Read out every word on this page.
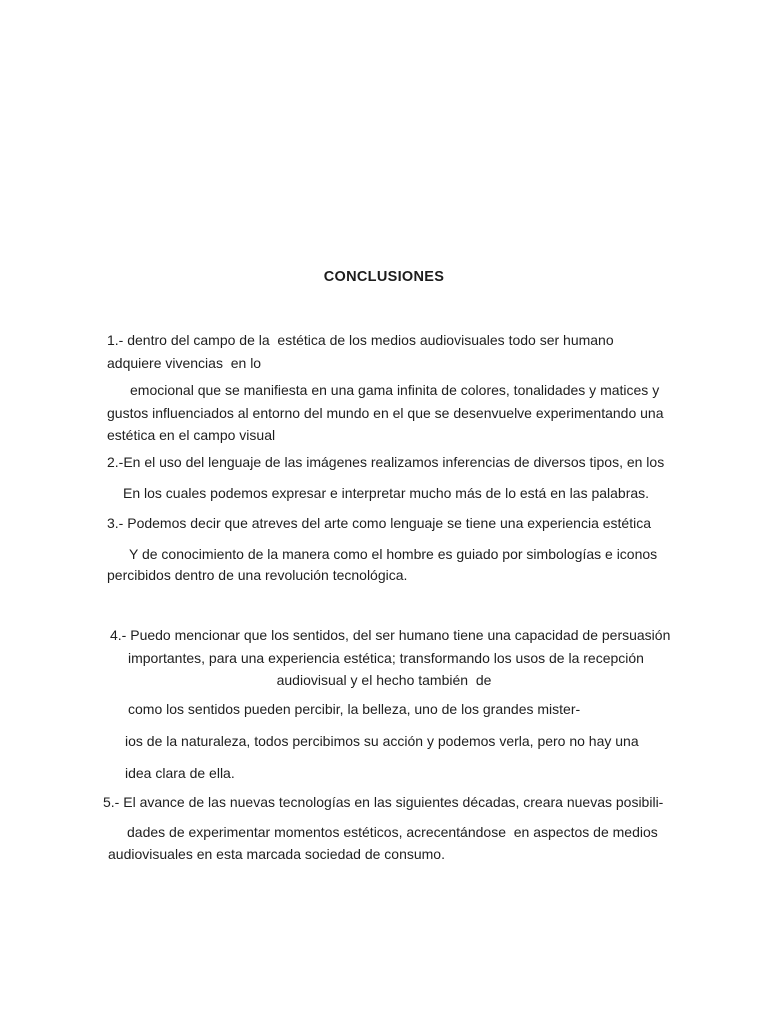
CONCLUSIONES
1.- dentro del campo de la  estética de los medios audiovisuales todo ser humano
adquiere vivencias  en lo
emocional que se manifiesta en una gama infinita de colores, tonalidades y matices y
gustos influenciados al entorno del mundo en el que se desenvuelve experimentando una
estética en el campo visual
2.-En el uso del lenguaje de las imágenes realizamos inferencias de diversos tipos, en los
En los cuales podemos expresar e interpretar mucho más de lo está en las palabras.
3.- Podemos decir que atreves del arte como lenguaje se tiene una experiencia estética
Y de conocimiento de la manera como el hombre es guiado por simbologías e iconos
percibidos dentro de una revolución tecnológica.
4.- Puedo mencionar que los sentidos, del ser humano tiene una capacidad de persuasión
importantes, para una experiencia estética; transformando los usos de la recepción
audiovisual y el hecho también  de
como los sentidos pueden percibir, la belleza, uno de los grandes mister-
ios de la naturaleza, todos percibimos su acción y podemos verla, pero no hay una
idea clara de ella.
5.- El avance de las nuevas tecnologías en las siguientes décadas, creara nuevas posibili-
dades de experimentar momentos estéticos, acrecentándose  en aspectos de medios
audiovisuales en esta marcada sociedad de consumo.
